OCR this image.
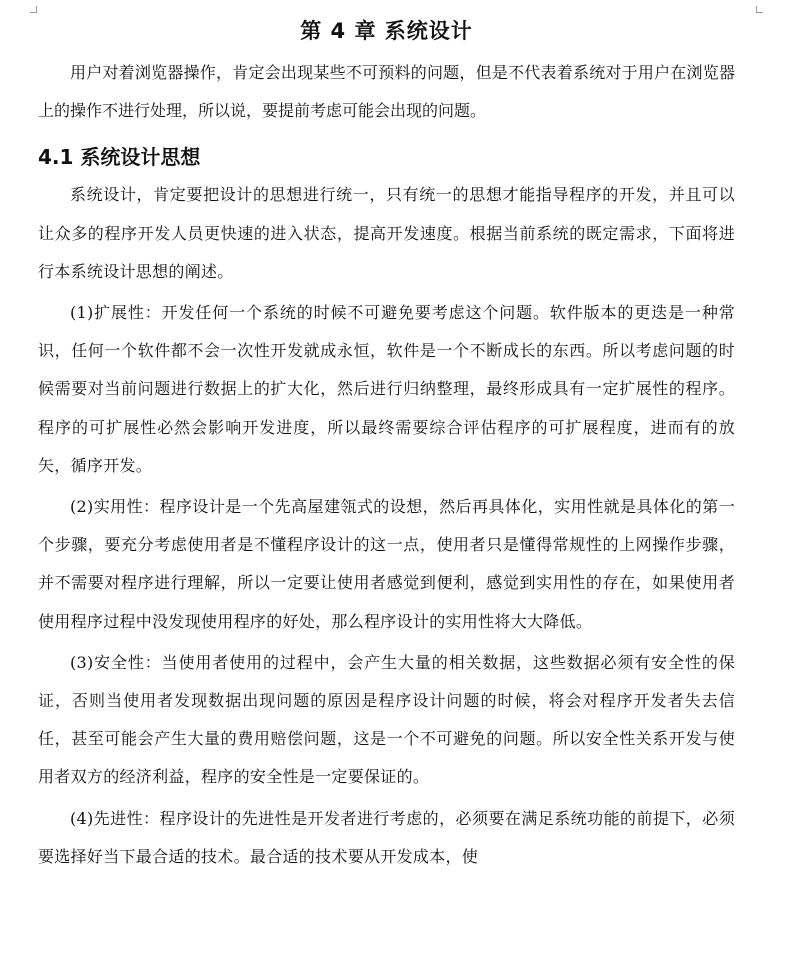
第 4 章 系统设计

用户对着浏览器操作，肯定会出现某些不可预料的问题，但是不代表着系统对于用户在浏览器上的操作不进行处理，所以说，要提前考虑可能会出现的问题。

4.1 系统设计思想

系统设计，肯定要把设计的思想进行统一，只有统一的思想才能指导程序的开发，并且可以让众多的程序开发人员更快速的进入状态，提高开发速度。根据当前系统的既定需求，下面将进行本系统设计思想的阐述。

(1)扩展性：开发任何一个系统的时候不可避免要考虑这个问题。软件版本的更迭是一种常识，任何一个软件都不会一次性开发就成永恒，软件是一个不断成长的东西。所以考虑问题的时候需要对当前问题进行数据上的扩大化，然后进行归纳整理，最终形成具有一定扩展性的程序。程序的可扩展性必然会影响开发进度，所以最终需要综合评估程序的可扩展程度，进而有的放矢，循序开发。

(2)实用性：程序设计是一个先高屋建瓴式的设想，然后再具体化，实用性就是具体化的第一个步骤，要充分考虑使用者是不懂程序设计的这一点，使用者只是懂得常规性的上网操作步骤，并不需要对程序进行理解，所以一定要让使用者感觉到便利，感觉到实用性的存在，如果使用者使用程序过程中没发现使用程序的好处，那么程序设计的实用性将大大降低。

(3)安全性：当使用者使用的过程中，会产生大量的相关数据，这些数据必须有安全性的保证，否则当使用者发现数据出现问题的原因是程序设计问题的时候，将会对程序开发者失去信任，甚至可能会产生大量的费用赔偿问题，这是一个不可避免的问题。所以安全性关系开发与使用者双方的经济利益，程序的安全性是一定要保证的。

(4)先进性：程序设计的先进性是开发者进行考虑的，必须要在满足系统功能的前提下，必须要选择好当下最合适的技术。最合适的技术要从开发成本，使
